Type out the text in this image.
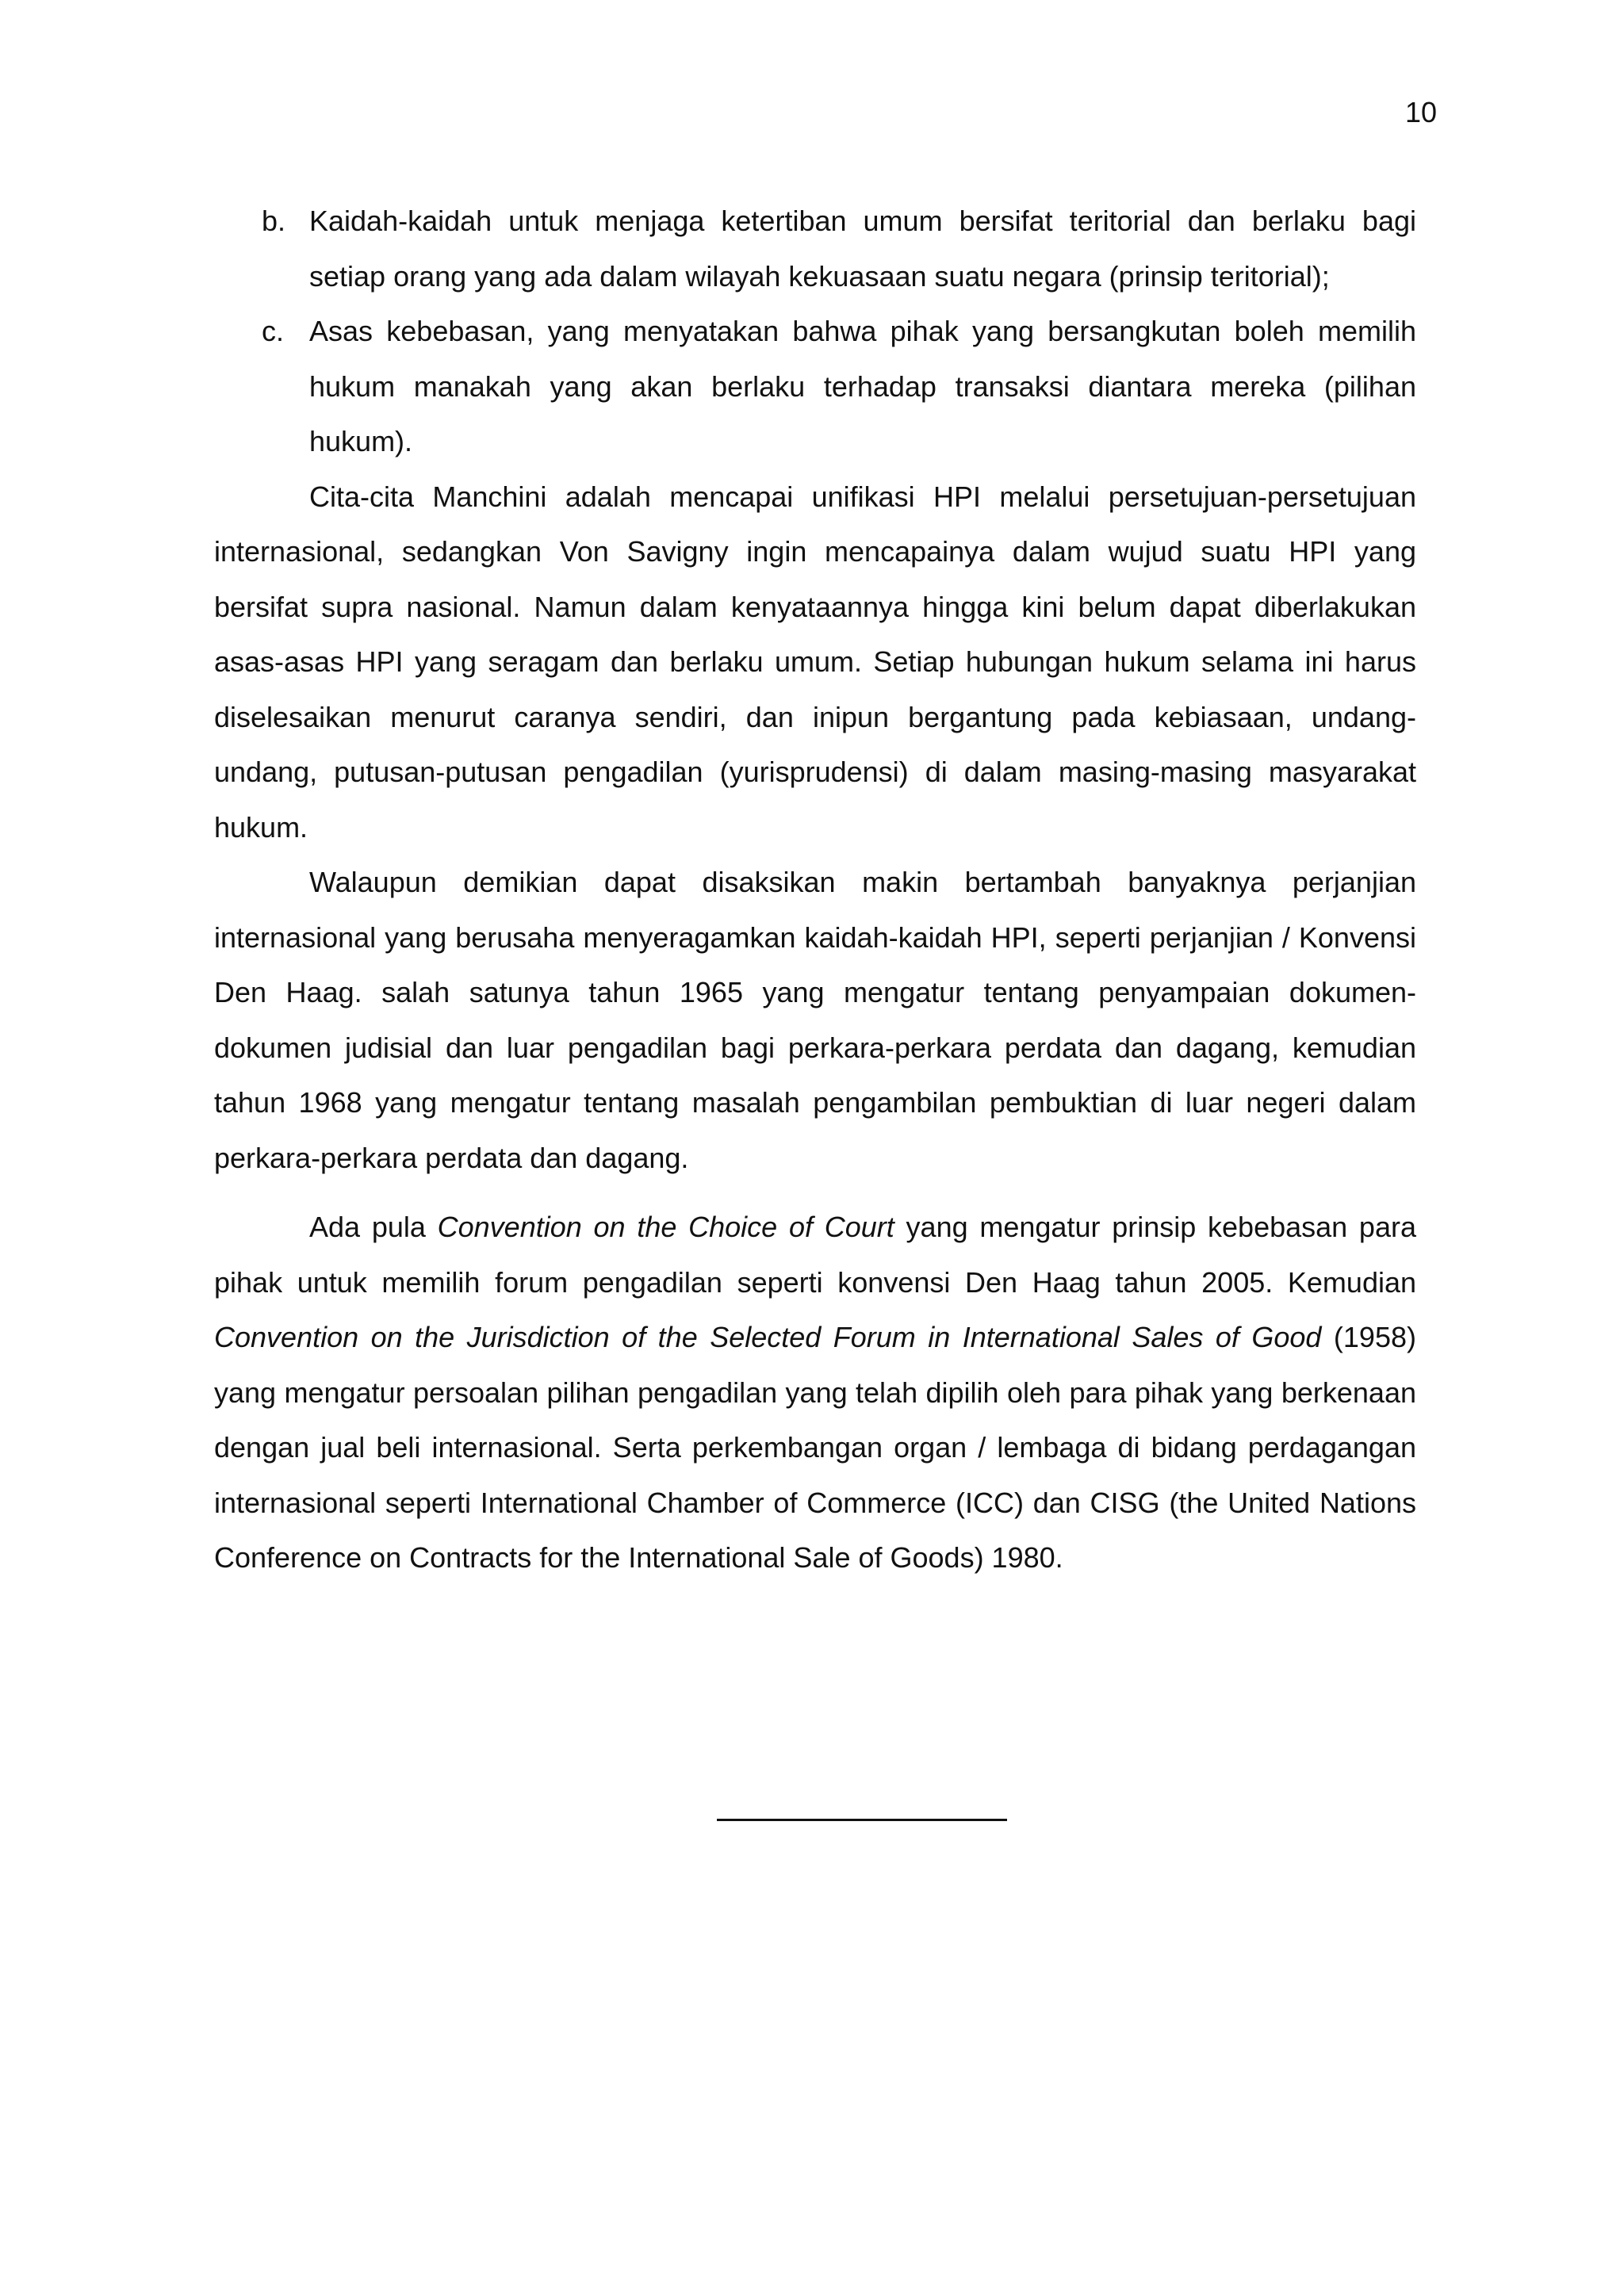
10
b. Kaidah-kaidah untuk menjaga ketertiban umum bersifat teritorial dan berlaku bagi setiap orang yang ada dalam wilayah kekuasaan suatu negara (prinsip teritorial);
c. Asas kebebasan, yang menyatakan bahwa pihak yang bersangkutan boleh memilih hukum manakah yang akan berlaku terhadap transaksi diantara mereka (pilihan hukum).

Cita-cita Manchini adalah mencapai unifikasi HPI melalui persetujuan-persetujuan internasional, sedangkan Von Savigny ingin mencapainya dalam wujud suatu HPI yang bersifat supra nasional. Namun dalam kenyataannya hingga kini belum dapat diberlakukan asas-asas HPI yang seragam dan berlaku umum. Setiap hubungan hukum selama ini harus diselesaikan menurut caranya sendiri, dan inipun bergantung pada kebiasaan, undang-undang, putusan-putusan pengadilan (yurisprudensi) di dalam masing-masing masyarakat hukum.

Walaupun demikian dapat disaksikan makin bertambah banyaknya perjanjian internasional yang berusaha menyeragamkan kaidah-kaidah HPI, seperti perjanjian / Konvensi Den Haag. salah satunya tahun 1965 yang mengatur tentang penyampaian dokumen-dokumen judisial dan luar pengadilan bagi perkara-perkara perdata dan dagang, kemudian tahun 1968 yang mengatur tentang masalah pengambilan pembuktian di luar negeri dalam perkara-perkara perdata dan dagang.

Ada pula Convention on the Choice of Court yang mengatur prinsip kebebasan para pihak untuk memilih forum pengadilan seperti konvensi Den Haag tahun 2005. Kemudian Convention on the Jurisdiction of the Selected Forum in International Sales of Good (1958) yang mengatur persoalan pilihan pengadilan yang telah dipilih oleh para pihak yang berkenaan dengan jual beli internasional. Serta perkembangan organ / lembaga di bidang perdagangan internasional seperti International Chamber of Commerce (ICC) dan CISG (the United Nations Conference on Contracts for the International Sale of Goods) 1980.
